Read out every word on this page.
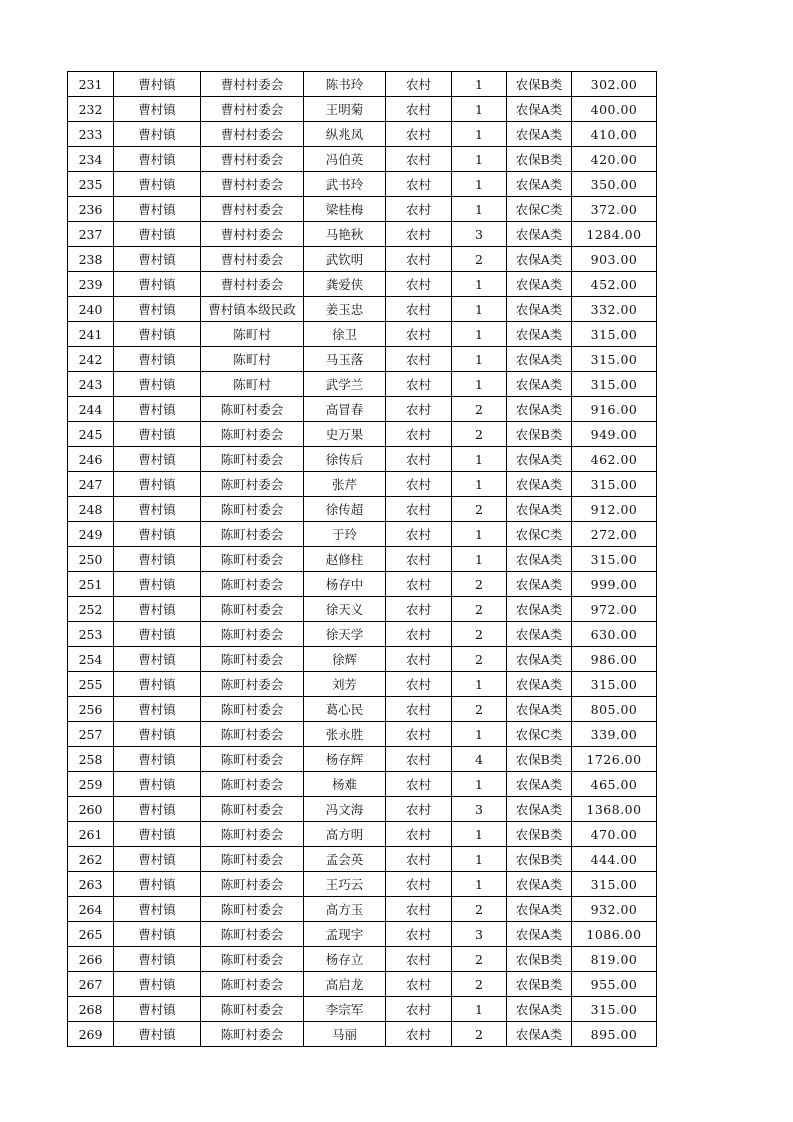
231	曹村镇	曹村村委会	陈书玲	农村	1	农保B类	302.00
232	曹村镇	曹村村委会	王明菊	农村	1	农保A类	400.00
233	曹村镇	曹村村委会	纵兆凤	农村	1	农保A类	410.00
234	曹村镇	曹村村委会	冯伯英	农村	1	农保B类	420.00
235	曹村镇	曹村村委会	武书玲	农村	1	农保A类	350.00
236	曹村镇	曹村村委会	梁桂梅	农村	1	农保C类	372.00
237	曹村镇	曹村村委会	马艳秋	农村	3	农保A类	1284.00
238	曹村镇	曹村村委会	武钦明	农村	2	农保A类	903.00
239	曹村镇	曹村村委会	龚爱侠	农村	1	农保A类	452.00
240	曹村镇	曹村镇本级民政	姜玉忠	农村	1	农保A类	332.00
241	曹村镇	陈町村	徐卫	农村	1	农保A类	315.00
242	曹村镇	陈町村	马玉落	农村	1	农保A类	315.00
243	曹村镇	陈町村	武学兰	农村	1	农保A类	315.00
244	曹村镇	陈町村委会	高冒春	农村	2	农保A类	916.00
245	曹村镇	陈町村委会	史万果	农村	2	农保B类	949.00
246	曹村镇	陈町村委会	徐传后	农村	1	农保A类	462.00
247	曹村镇	陈町村委会	张芹	农村	1	农保A类	315.00
248	曹村镇	陈町村委会	徐传超	农村	2	农保A类	912.00
249	曹村镇	陈町村委会	于玲	农村	1	农保C类	272.00
250	曹村镇	陈町村委会	赵修柱	农村	1	农保A类	315.00
251	曹村镇	陈町村委会	杨存中	农村	2	农保A类	999.00
252	曹村镇	陈町村委会	徐天义	农村	2	农保A类	972.00
253	曹村镇	陈町村委会	徐天学	农村	2	农保A类	630.00
254	曹村镇	陈町村委会	徐辉	农村	2	农保A类	986.00
255	曹村镇	陈町村委会	刘芳	农村	1	农保A类	315.00
256	曹村镇	陈町村委会	葛心民	农村	2	农保A类	805.00
257	曹村镇	陈町村委会	张永胜	农村	1	农保C类	339.00
258	曹村镇	陈町村委会	杨存辉	农村	4	农保B类	1726.00
259	曹村镇	陈町村委会	杨难	农村	1	农保A类	465.00
260	曹村镇	陈町村委会	冯文海	农村	3	农保A类	1368.00
261	曹村镇	陈町村委会	高方明	农村	1	农保B类	470.00
262	曹村镇	陈町村委会	孟会英	农村	1	农保B类	444.00
263	曹村镇	陈町村委会	王巧云	农村	1	农保A类	315.00
264	曹村镇	陈町村委会	高方玉	农村	2	农保A类	932.00
265	曹村镇	陈町村委会	孟现宇	农村	3	农保A类	1086.00
266	曹村镇	陈町村委会	杨存立	农村	2	农保B类	819.00
267	曹村镇	陈町村委会	高启龙	农村	2	农保B类	955.00
268	曹村镇	陈町村委会	李宗军	农村	1	农保A类	315.00
269	曹村镇	陈町村委会	马丽	农村	2	农保A类	895.00
